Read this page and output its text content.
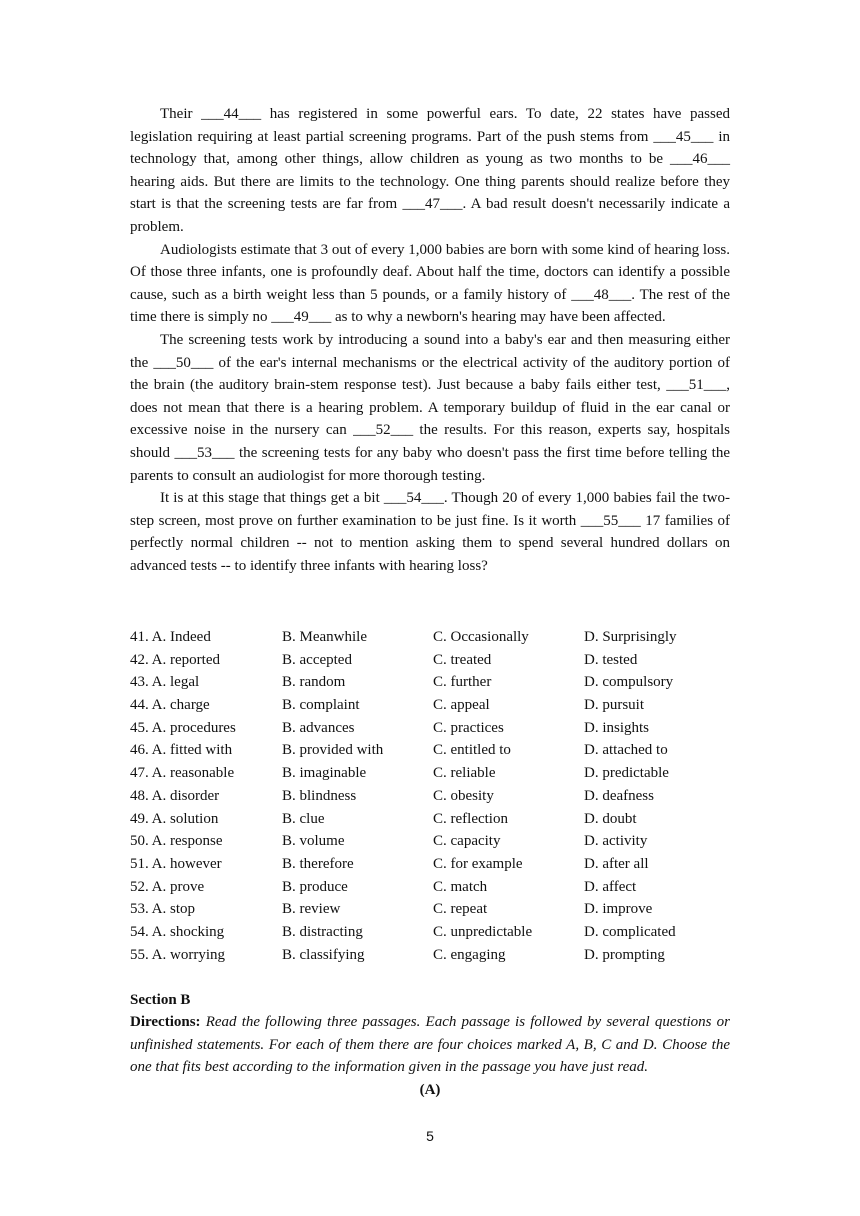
Their ___44___ has registered in some powerful ears. To date, 22 states have passed legislation requiring at least partial screening programs. Part of the push stems from ___45___ in technology that, among other things, allow children as young as two months to be ___46___ hearing aids. But there are limits to the technology. One thing parents should realize before they start is that the screening tests are far from ___47___. A bad result doesn't necessarily indicate a problem.

Audiologists estimate that 3 out of every 1,000 babies are born with some kind of hearing loss. Of those three infants, one is profoundly deaf. About half the time, doctors can identify a possible cause, such as a birth weight less than 5 pounds, or a family history of ___48___. The rest of the time there is simply no ___49___ as to why a newborn's hearing may have been affected.

The screening tests work by introducing a sound into a baby's ear and then measuring either the ___50___ of the ear's internal mechanisms or the electrical activity of the auditory portion of the brain (the auditory brain-stem response test). Just because a baby fails either test, ___51___, does not mean that there is a hearing problem. A temporary buildup of fluid in the ear canal or excessive noise in the nursery can ___52___ the results. For this reason, experts say, hospitals should ___53___ the screening tests for any baby who doesn't pass the first time before telling the parents to consult an audiologist for more thorough testing.

It is at this stage that things get a bit ___54___. Though 20 of every 1,000 babies fail the two-step screen, most prove on further examination to be just fine. Is it worth ___55___ 17 families of perfectly normal children -- not to mention asking them to spend several hundred dollars on advanced tests -- to identify three infants with hearing loss?

41. A. Indeed	B. Meanwhile	C. Occasionally	D. Surprisingly
42. A. reported	B. accepted	C. treated	D. tested
43. A. legal	B. random	C. further	D. compulsory
44. A. charge	B. complaint	C. appeal	D. pursuit
45. A. procedures	B. advances	C. practices	D. insights
46. A. fitted with	B. provided with	C. entitled to	D. attached to
47. A. reasonable	B. imaginable	C. reliable	D. predictable
48. A. disorder	B. blindness	C. obesity	D. deafness
49. A. solution	B. clue	C. reflection	D. doubt
50. A. response	B. volume	C. capacity	D. activity
51. A. however	B. therefore	C. for example	D. after all
52. A. prove	B. produce	C. match	D. affect
53. A. stop	B. review	C. repeat	D. improve
54. A. shocking	B. distracting	C. unpredictable	D. complicated
55. A. worrying	B. classifying	C. engaging	D. prompting

Section B

Directions: Read the following three passages. Each passage is followed by several questions or unfinished statements. For each of them there are four choices marked A, B, C and D. Choose the one that fits best according to the information given in the passage you have just read.

(A)

5
